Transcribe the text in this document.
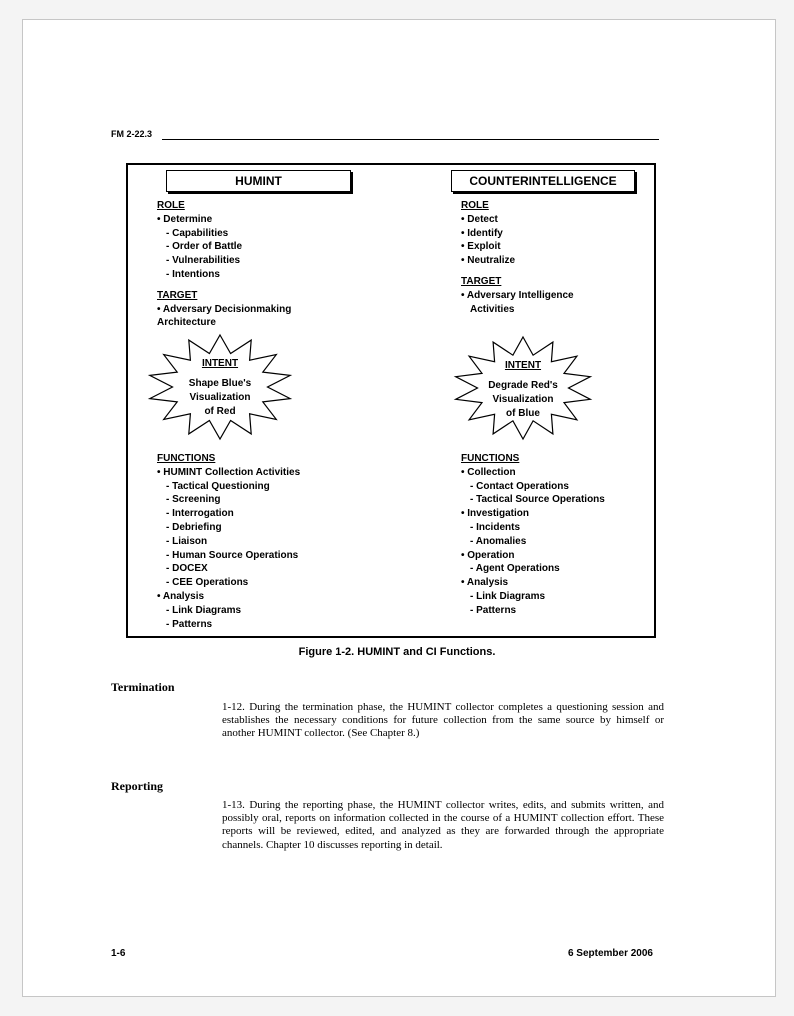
FM 2-22.3
HUMINT	COUNTERINTELLIGENCE
ROLE
• Determine
- Capabilities
- Order of Battle
- Vulnerabilities
- Intentions
TARGET
• Adversary Decisionmaking
Architecture
INTENT
Shape Blue's
Visualization
of Red
FUNCTIONS
• HUMINT Collection Activities
- Tactical Questioning
- Screening
- Interrogation
- Debriefing
- Liaison
- Human Source Operations
- DOCEX
- CEE Operations
• Analysis
- Link Diagrams
- Patterns
ROLE
• Detect
• Identify
• Exploit
• Neutralize
TARGET
• Adversary Intelligence
Activities
INTENT
Degrade Red's
Visualization
of Blue
FUNCTIONS
• Collection
- Contact Operations
- Tactical Source Operations
• Investigation
- Incidents
- Anomalies
• Operation
- Agent Operations
• Analysis
- Link Diagrams
- Patterns
Figure 1-2. HUMINT and CI Functions.
Termination
1-12. During the termination phase, the HUMINT collector completes a questioning session and establishes the necessary conditions for future collection from the same source by himself or another HUMINT collector. (See Chapter 8.)
Reporting
1-13. During the reporting phase, the HUMINT collector writes, edits, and submits written, and possibly oral, reports on information collected in the course of a HUMINT collection effort. These reports will be reviewed, edited, and analyzed as they are forwarded through the appropriate channels. Chapter 10 discusses reporting in detail.
1-6	6 September 2006
